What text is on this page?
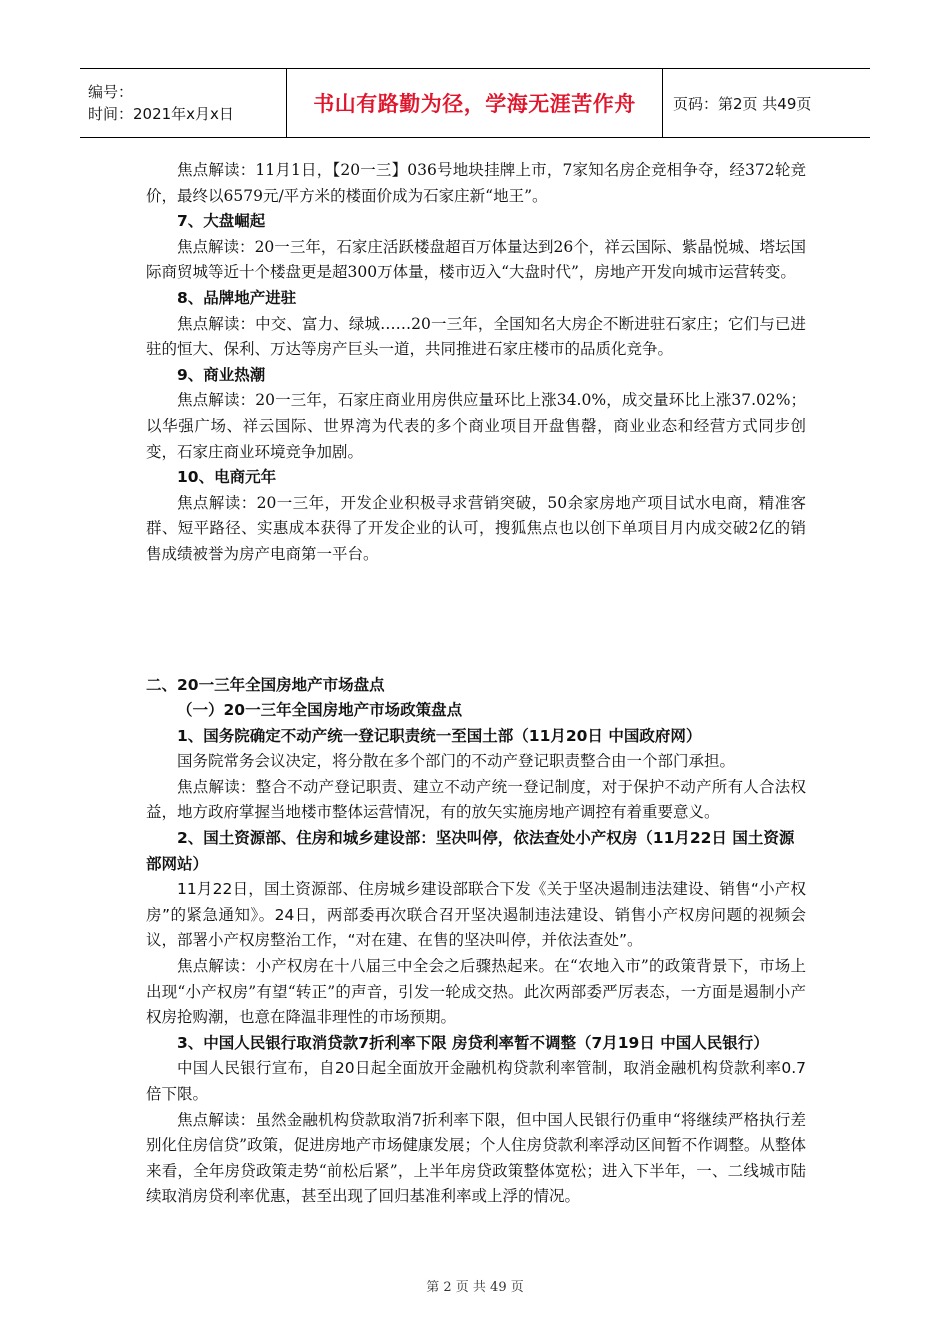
编号：
时间：2021年x月x日	书山有路勤为径，学海无涯苦作舟 页码：第2页 共49页

焦点解读：11月1日，【20一三】036号地块挂牌上市，7家知名房企竞相争夺，经372轮竞价，最终以6579元/平方米的楼面价成为石家庄新“地王”。

7、大盘崛起

焦点解读：20一三年，石家庄活跃楼盘超百万体量达到26个，祥云国际、紫晶悦城、塔坛国际商贸城等近十个楼盘更是超300万体量，楼市迈入“大盘时代”，房地产开发向城市运营转变。

8、品牌地产进驻

焦点解读：中交、富力、绿城……20一三年，全国知名大房企不断进驻石家庄；它们与已进驻的恒大、保利、万达等房产巨头一道，共同推进石家庄楼市的品质化竞争。

9、商业热潮

焦点解读：20一三年，石家庄商业用房供应量环比上涨34.0%，成交量环比上涨37.02%；以华强广场、祥云国际、世界湾为代表的多个商业项目开盘售罄，商业业态和经营方式同步创变，石家庄商业环境竞争加剧。

10、电商元年

焦点解读：20一三年，开发企业积极寻求营销突破，50余家房地产项目试水电商，精准客群、短平路径、实惠成本获得了开发企业的认可，搜狐焦点也以创下单项目月内成交破2亿的销售成绩被誉为房产电商第一平台。

二、20一三年全国房地产市场盘点

（一）20一三年全国房地产市场政策盘点

1、国务院确定不动产统一登记职责统一至国土部（11月20日 中国政府网）

国务院常务会议决定，将分散在多个部门的不动产登记职责整合由一个部门承担。

焦点解读：整合不动产登记职责、建立不动产统一登记制度，对于保护不动产所有人合法权益，地方政府掌握当地楼市整体运营情况，有的放矢实施房地产调控有着重要意义。

2、国土资源部、住房和城乡建设部：坚决叫停，依法查处小产权房（11月22日 国土资源部网站）

11月22日，国土资源部、住房城乡建设部联合下发《关于坚决遏制违法建设、销售“小产权房”的紧急通知》。24日，两部委再次联合召开坚决遏制违法建设、销售小产权房问题的视频会议，部署小产权房整治工作，“对在建、在售的坚决叫停，并依法查处”。

焦点解读：小产权房在十八届三中全会之后骤热起来。在“农地入市”的政策背景下，市场上出现“小产权房”有望“转正”的声音，引发一轮成交热。此次两部委严厉表态，一方面是遏制小产权房抢购潮，也意在降温非理性的市场预期。

3、中国人民银行取消贷款7折利率下限 房贷利率暂不调整（7月19日 中国人民银行）

中国人民银行宣布，自20日起全面放开金融机构贷款利率管制，取消金融机构贷款利率0.7倍下限。

焦点解读：虽然金融机构贷款取消7折利率下限，但中国人民银行仍重申“将继续严格执行差别化住房信贷”政策，促进房地产市场健康发展；个人住房贷款利率浮动区间暂不作调整。从整体来看，全年房贷政策走势“前松后紧”，上半年房贷政策整体宽松；进入下半年，一、二线城市陆续取消房贷利率优惠，甚至出现了回归基准利率或上浮的情况。

第 2 页 共 49 页
